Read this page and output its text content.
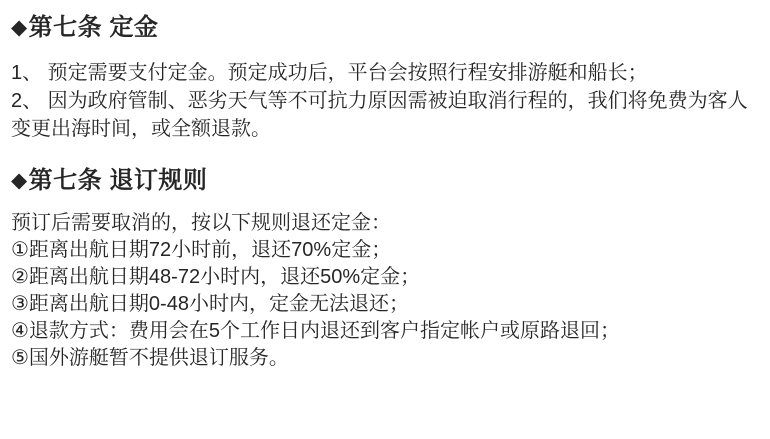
◆ 第七条 定金

1、 预定需要支付定金。预定成功后，平台会按照行程安排游艇和船长；

2、 因为政府管制、恶劣天气等不可抗力原因需被迫取消行程的，我们将免费为客人变更出海时间，或全额退款。

◆ 第七条 退订规则

预订后需要取消的，按以下规则退还定金：

①距离出航日期72小时前，退还70%定金；

②距离出航日期48-72小时内，退还50%定金；

③距离出航日期0-48小时内，定金无法退还；

④退款方式：费用会在5个工作日内退还到客户指定帐户或原路退回；

⑤国外游艇暂不提供退订服务。
